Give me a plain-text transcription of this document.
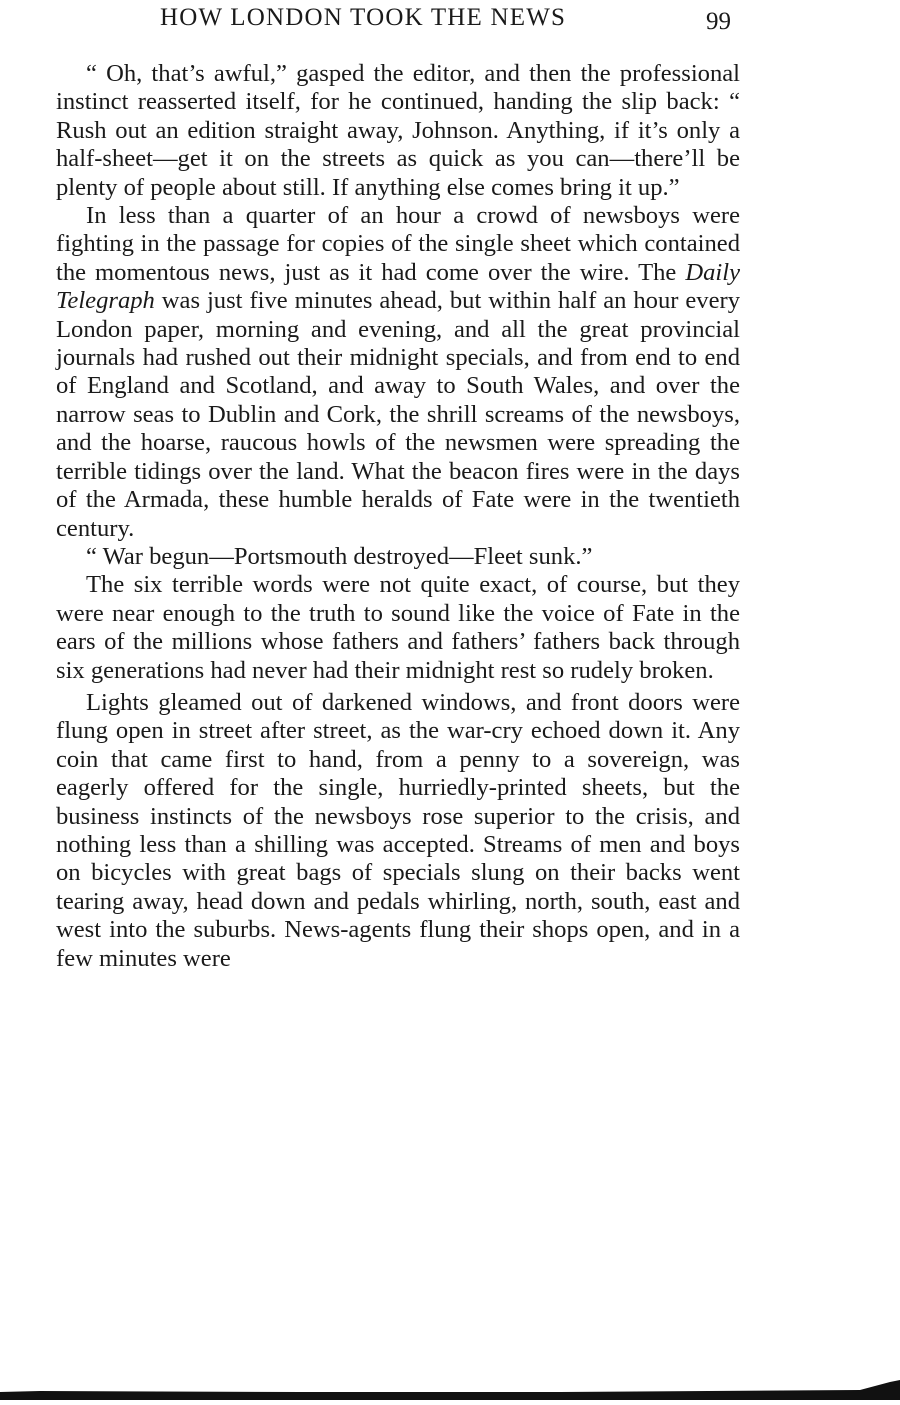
HOW LONDON TOOK THE NEWS	99

“ Oh, that’s awful,” gasped the editor, and then the professional instinct reasserted itself, for he continued, handing the slip back: “ Rush out an edition straight away, Johnson. Anything, if it’s only a half-sheet—get it on the streets as quick as you can—there’ll be plenty of people about still. If anything else comes bring it up.”

In less than a quarter of an hour a crowd of newsboys were fighting in the passage for copies of the single sheet which contained the momentous news, just as it had come over the wire. The Daily Telegraph was just five minutes ahead, but within half an hour every London paper, morning and evening, and all the great provincial journals had rushed out their midnight specials, and from end to end of England and Scotland, and away to South Wales, and over the narrow seas to Dublin and Cork, the shrill screams of the newsboys, and the hoarse, raucous howls of the newsmen were spreading the terrible tidings over the land. What the beacon fires were in the days of the Armada, these humble heralds of Fate were in the twentieth century.

“ War begun—Portsmouth destroyed—Fleet sunk.”

The six terrible words were not quite exact, of course, but they were near enough to the truth to sound like the voice of Fate in the ears of the millions whose fathers and fathers’ fathers back through six generations had never had their midnight rest so rudely broken.

Lights gleamed out of darkened windows, and front doors were flung open in street after street, as the war-cry echoed down it. Any coin that came first to hand, from a penny to a sovereign, was eagerly offered for the single, hurriedly-printed sheets, but the business instincts of the newsboys rose superior to the crisis, and nothing less than a shilling was accepted. Streams of men and boys on bicycles with great bags of specials slung on their backs went tearing away, head down and pedals whirling, north, south, east and west into the suburbs. News-agents flung their shops open, and in a few minutes were
